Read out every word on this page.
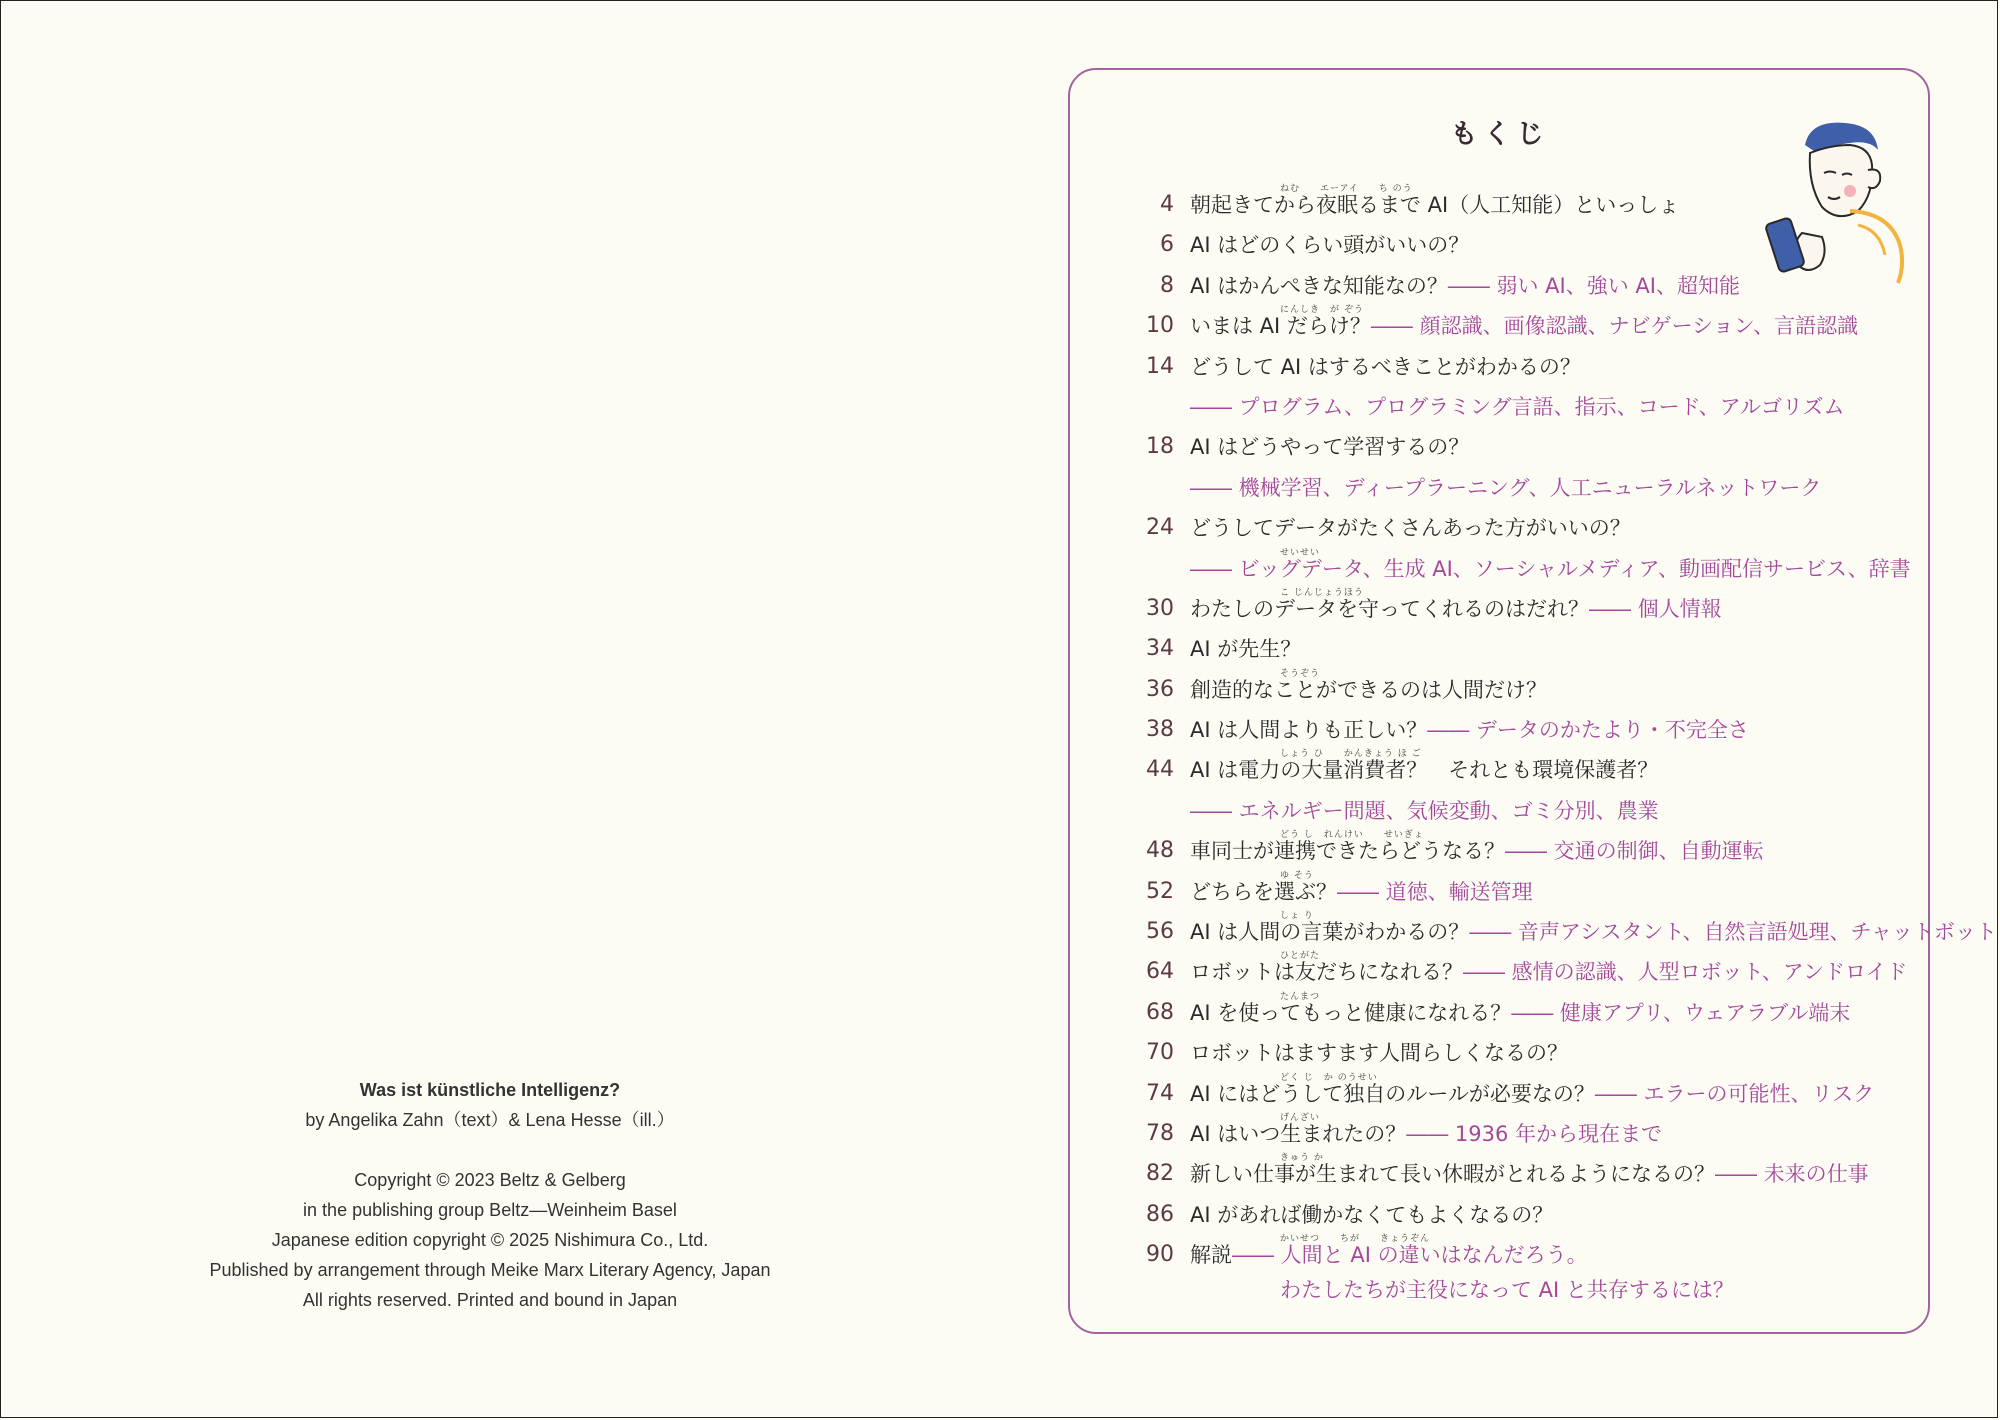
Was ist künstliche Intelligenz?
by Angelika Zahn（text）& Lena Hesse（ill.）
Copyright © 2023 Beltz & Gelberg
in the publishing group Beltz—Weinheim Basel
Japanese edition copyright © 2025 Nishimura Co., Ltd.
Published by arrangement through Meike Marx Literary Agency, Japan
All rights reserved. Printed and bound in Japan
もくじ
ねむ　　エーアイ　　ち のう
4 朝起きてから夜眠るまで AI（人工知能）といっしょ
6 AI はどのくらい頭がいいの？
8 AI はかんぺきな知能なの？―― 弱い AI、強い AI、超知能
にんしき　が ぞう
10 いまは AI だらけ？―― 顔認識、画像認識、ナビゲーション、言語認識
14 どうして AI はするべきことがわかるの？
―― プログラム、プログラミング言語、指示、コード、アルゴリズム
18 AI はどうやって学習するの？
―― 機械学習、ディープラーニング、人工ニューラルネットワーク
24 どうしてデータがたくさんあった方がいいの？
せいせい
―― ビッグデータ、生成 AI、ソーシャルメディア、動画配信サービス、辞書
こ じんじょうほう
30 わたしのデータを守ってくれるのはだれ？―― 個人情報
34 AI が先生？
そうぞう
36 創造的なことができるのは人間だけ？
38 AI は人間よりも正しい？―― データのかたより・不完全さ
しょう ひ　　かんきょう ほ ご
44 AI は電力の大量消費者？　それとも環境保護者？
―― エネルギー問題、気候変動、ゴミ分別、農業
どう し　れんけい　　せいぎょ
48 車同士が連携できたらどうなる？―― 交通の制御、自動運転
ゆ そう
52 どちらを選ぶ？―― 道徳、輸送管理
しょ り
56 AI は人間の言葉がわかるの？―― 音声アシスタント、自然言語処理、チャットボット
ひとがた
64 ロボットは友だちになれる？―― 感情の認識、人型ロボット、アンドロイド
たんまつ
68 AI を使ってもっと健康になれる？―― 健康アプリ、ウェアラブル端末
70 ロボットはますます人間らしくなるの？
どく じ　か のうせい
74 AI にはどうして独自のルールが必要なの？―― エラーの可能性、リスク
げんざい
78 AI はいつ生まれたの？―― 1936 年から現在まで
きゅう か
82 新しい仕事が生まれて長い休暇がとれるようになるの？―― 未来の仕事
86 AI があれば働かなくてもよくなるの？
かいせつ　　ちが　　きょうぞん
90 解説―― 人間と AI の違いはなんだろう。
わたしたちが主役になって AI と共存するには？
